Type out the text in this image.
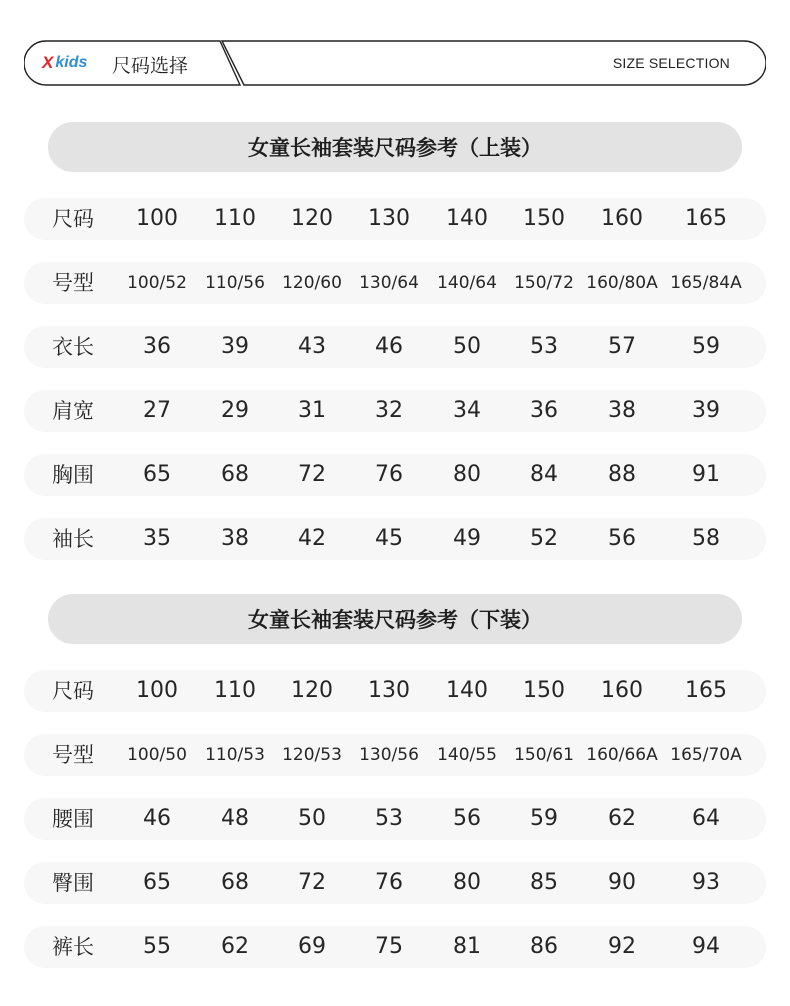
X kids 尺码选择	SIZE SELECTION
女童长袖套装尺码参考（上装）
尺码 100 110 120 130 140 150 160 165
号型 100/52 110/56 120/60 130/64 140/64 150/72 160/80A 165/84A
衣长 36 39 43 46 50 53 57	59
肩宽 27 29 31 32 34 36 38	39
胸围 65 68 72 76 80 84 88	91
袖长 35 38 42 45 49 52 56	58
女童长袖套装尺码参考（下装）
尺码 100 110 120 130 140 150 160 165
号型 100/50 110/53 120/53 130/56 140/55 150/61 160/66A 165/70A
腰围 46 48 50 53 56 59 62	64
臀围 65 68 72 76 80 85 90	93
裤长 55 62 69 75 81 86 92	94
